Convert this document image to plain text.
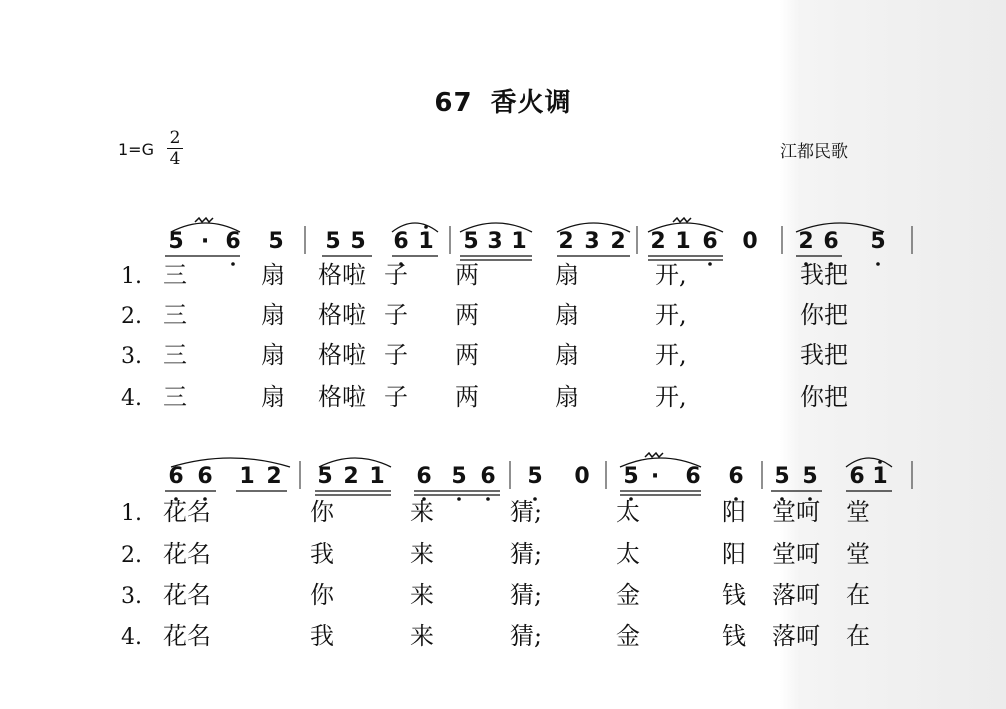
67 香火调
1=G
2
4	江都民歌
5 · 6 5 5 5 6 1 5 3 1 2 3 2 2 1 6 0 2 6 5
1. 三	扇 格啦 子 两	扇	开,	我把
2. 三	扇 格啦 子 两	扇	开,	你把
3. 三	扇 格啦 子 两	扇	开,	我把
4. 三	扇 格啦 子 两	扇	开,	你把
6 6 1 2 5 2 1 6 5 6 5 0 5 · 6 6 5 5 6 1
1. 花名	你	来	猜;	太	阳 堂呵 堂
2. 花名	我	来	猜;	太	阳 堂呵 堂
3. 花名	你	来	猜;	金	钱 落呵 在
4. 花名	我	来	猜;	金	钱 落呵 在
